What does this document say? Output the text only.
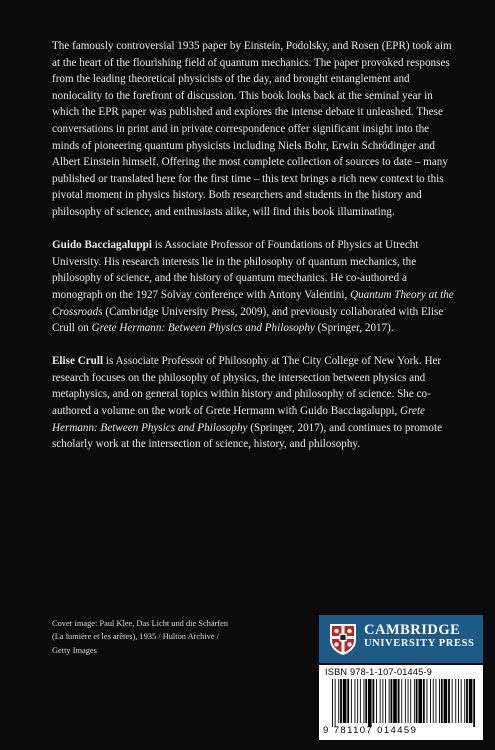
The famously controversial 1935 paper by Einstein, Podolsky, and Rosen (EPR) took aim at the heart of the flourishing field of quantum mechanics. The paper provoked responses from the leading theoretical physicists of the day, and brought entanglement and nonlocality to the forefront of discussion. This book looks back at the seminal year in which the EPR paper was published and explores the intense debate it unleashed. These conversations in print and in private correspondence offer significant insight into the minds of pioneering quantum physicists including Niels Bohr, Erwin Schrödinger and Albert Einstein himself. Offering the most complete collection of sources to date – many published or translated here for the first time – this text brings a rich new context to this pivotal moment in physics history. Both researchers and students in the history and philosophy of science, and enthusiasts alike, will find this book illuminating.

Guido Bacciagaluppi is Associate Professor of Foundations of Physics at Utrecht University. His research interests lie in the philosophy of quantum mechanics, the philosophy of science, and the history of quantum mechanics. He co-authored a monograph on the 1927 Solvay conference with Antony Valentini, Quantum Theory at the Crossroads (Cambridge University Press, 2009), and previously collaborated with Elise Crull on Grete Hermann: Between Physics and Philosophy (Springer, 2017).

Elise Crull is Associate Professor of Philosophy at The City College of New York. Her research focuses on the philosophy of physics, the intersection between physics and metaphysics, and on general topics within history and philosophy of science. She co-authored a volume on the work of Grete Hermann with Guido Bacciagaluppi, Grete Hermann: Between Physics and Philosophy (Springer, 2017), and continues to promote scholarly work at the intersection of science, history, and philosophy.

Cover image: Paul Klee, Das Licht und die Schärfen
(La lumière et les arêtes), 1935 / Hulton Archive /
Getty Images
CAMBRIDGE
UNIVERSITY PRESS
ISBN 978-1-107-01445-9
9 781107 014459
